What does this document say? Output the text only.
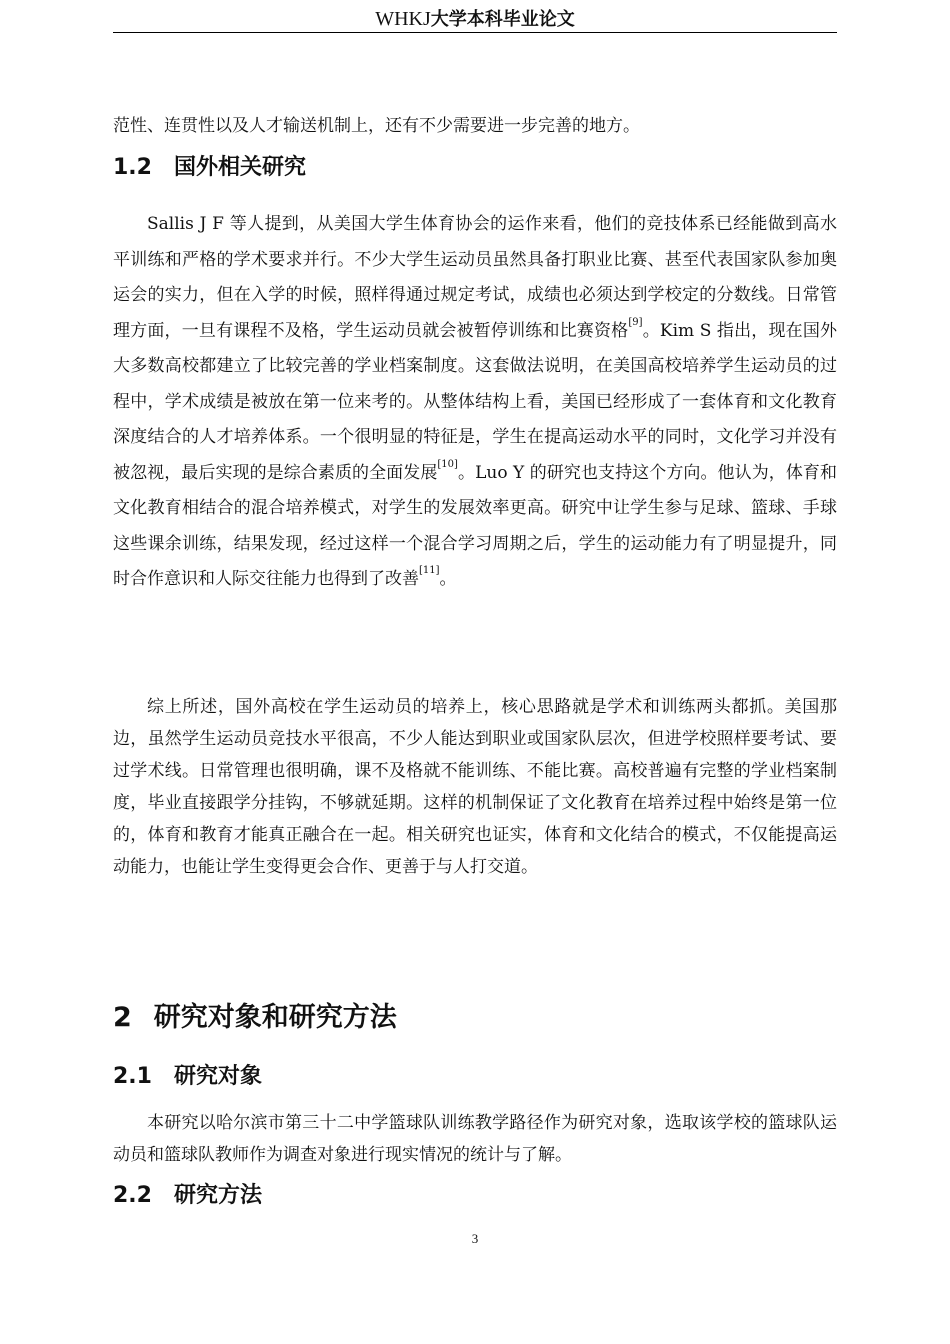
WHKJ大学本科毕业论文

范性、连贯性以及人才输送机制上，还有不少需要进一步完善的地方。

1.2 国外相关研究

Sallis J F 等人提到，从美国大学生体育协会的运作来看，他们的竞技体系已经能做到高水平训练和严格的学术要求并行。不少大学生运动员虽然具备打职业比赛、甚至代表国家队参加奥运会的实力，但在入学的时候，照样得通过规定考试，成绩也必须达到学校定的分数线。日常管理方面，一旦有课程不及格，学生运动员就会被暂停训练和比赛资格[9]。Kim S 指出，现在国外大多数高校都建立了比较完善的学业档案制度。这套做法说明，在美国高校培养学生运动员的过程中，学术成绩是被放在第一位来考的。从整体结构上看，美国已经形成了一套体育和文化教育深度结合的人才培养体系。一个很明显的特征是，学生在提高运动水平的同时，文化学习并没有被忽视，最后实现的是综合素质的全面发展[10]。Luo Y 的研究也支持这个方向。他认为，体育和文化教育相结合的混合培养模式，对学生的发展效率更高。研究中让学生参与足球、篮球、手球这些课余训练，结果发现，经过这样一个混合学习周期之后，学生的运动能力有了明显提升，同时合作意识和人际交往能力也得到了改善[11]。

综上所述，国外高校在学生运动员的培养上，核心思路就是学术和训练两头都抓。美国那边，虽然学生运动员竞技水平很高，不少人能达到职业或国家队层次，但进学校照样要考试、要过学术线。日常管理也很明确，课不及格就不能训练、不能比赛。高校普遍有完整的学业档案制度，毕业直接跟学分挂钩，不够就延期。这样的机制保证了文化教育在培养过程中始终是第一位的，体育和教育才能真正融合在一起。相关研究也证实，体育和文化结合的模式，不仅能提高运动能力，也能让学生变得更会合作、更善于与人打交道。

2 研究对象和研究方法
2.1 研究对象

本研究以哈尔滨市第三十二中学篮球队训练教学路径作为研究对象，选取该学校的篮球队运动员和篮球队教师作为调查对象进行现实情况的统计与了解。

2.2 研究方法
3
